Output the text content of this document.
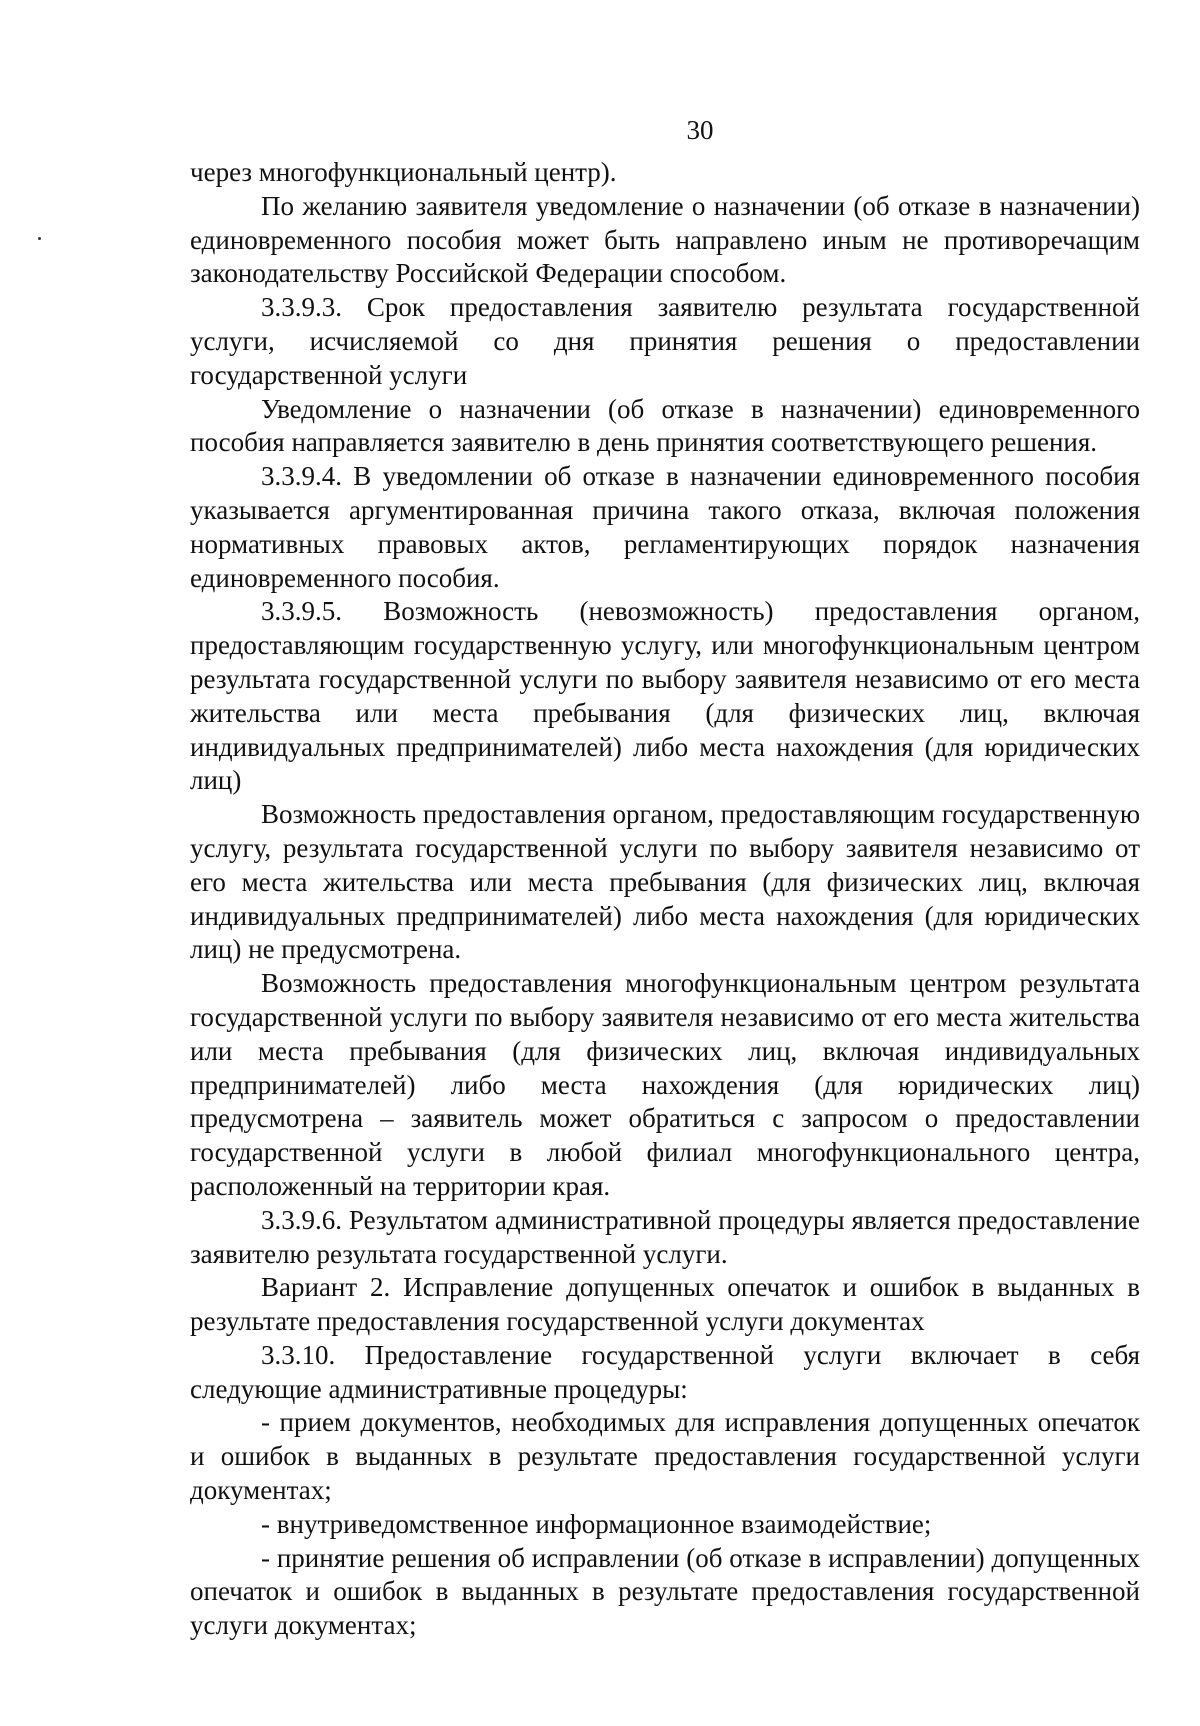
30

через многофункциональный центр).

По желанию заявителя уведомление о назначении (об отказе в назначении) единовременного пособия может быть направлено иным не противоречащим законодательству Российской Федерации способом.

3.3.9.3. Срок предоставления заявителю результата государственной услуги, исчисляемой со дня принятия решения о предоставлении государственной услуги

Уведомление о назначении (об отказе в назначении) единовременного пособия направляется заявителю в день принятия соответствующего решения.

3.3.9.4. В уведомлении об отказе в назначении единовременного пособия указывается аргументированная причина такого отказа, включая положения нормативных правовых актов, регламентирующих порядок назначения единовременного пособия.

3.3.9.5. Возможность (невозможность) предоставления органом, предоставляющим государственную услугу, или многофункциональным центром результата государственной услуги по выбору заявителя независимо от его места жительства или места пребывания (для физических лиц, включая индивидуальных предпринимателей) либо места нахождения (для юридических лиц)

Возможность предоставления органом, предоставляющим государственную услугу, результата государственной услуги по выбору заявителя независимо от его места жительства или места пребывания (для физических лиц, включая индивидуальных предпринимателей) либо места нахождения (для юридических лиц) не предусмотрена.

Возможность предоставления многофункциональным центром результата государственной услуги по выбору заявителя независимо от его места жительства или места пребывания (для физических лиц, включая индивидуальных предпринимателей) либо места нахождения (для юридических лиц) предусмотрена – заявитель может обратиться с запросом о предоставлении государственной услуги в любой филиал многофункционального центра, расположенный на территории края.

3.3.9.6. Результатом административной процедуры является предоставление заявителю результата государственной услуги.

Вариант 2. Исправление допущенных опечаток и ошибок в выданных в результате предоставления государственной услуги документах

3.3.10. Предоставление государственной услуги включает в себя следующие административные процедуры:

- прием документов, необходимых для исправления допущенных опечаток и ошибок в выданных в результате предоставления государственной услуги документах;

- внутриведомственное информационное взаимодействие;

- принятие решения об исправлении (об отказе в исправлении) допущенных опечаток и ошибок в выданных в результате предоставления государственной услуги документах;
